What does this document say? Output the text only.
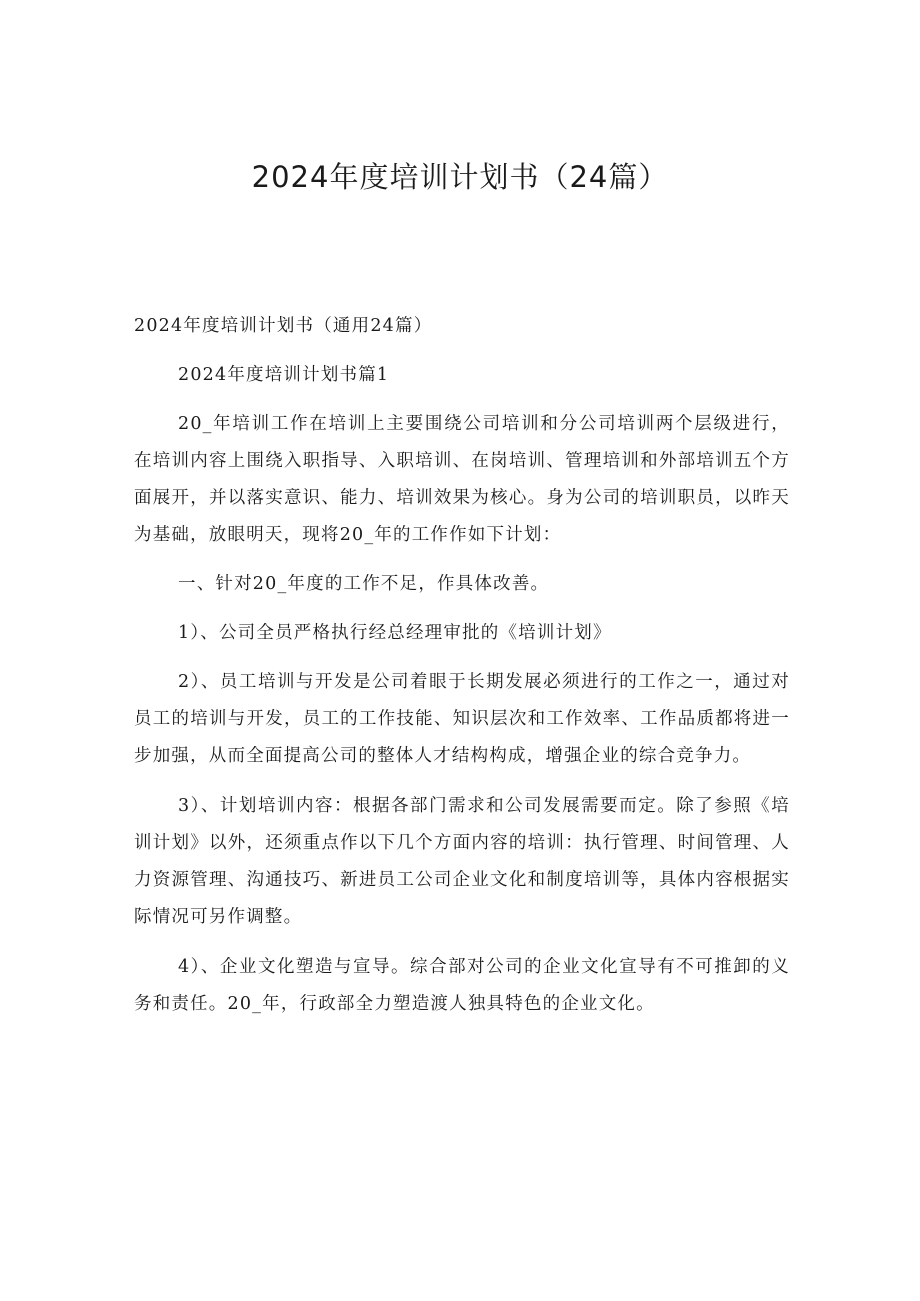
2024年度培训计划书（24篇）

2024年度培训计划书（通用24篇）

2024年度培训计划书篇1

20_年培训工作在培训上主要围绕公司培训和分公司培训两个层级进行，在培训内容上围绕入职指导、入职培训、在岗培训、管理培训和外部培训五个方面展开，并以落实意识、能力、培训效果为核心。身为公司的培训职员，以昨天为基础，放眼明天，现将20_年的工作作如下计划：

一、针对20_年度的工作不足，作具体改善。

1）、公司全员严格执行经总经理审批的《培训计划》

2）、员工培训与开发是公司着眼于长期发展必须进行的工作之一，通过对员工的培训与开发，员工的工作技能、知识层次和工作效率、工作品质都将进一步加强，从而全面提高公司的整体人才结构构成，增强企业的综合竞争力。

3）、计划培训内容：根据各部门需求和公司发展需要而定。除了参照《培训计划》以外，还须重点作以下几个方面内容的培训：执行管理、时间管理、人力资源管理、沟通技巧、新进员工公司企业文化和制度培训等，具体内容根据实际情况可另作调整。

4）、企业文化塑造与宣导。综合部对公司的企业文化宣导有不可推卸的义务和责任。20_年，行政部全力塑造渡人独具特色的企业文化。
